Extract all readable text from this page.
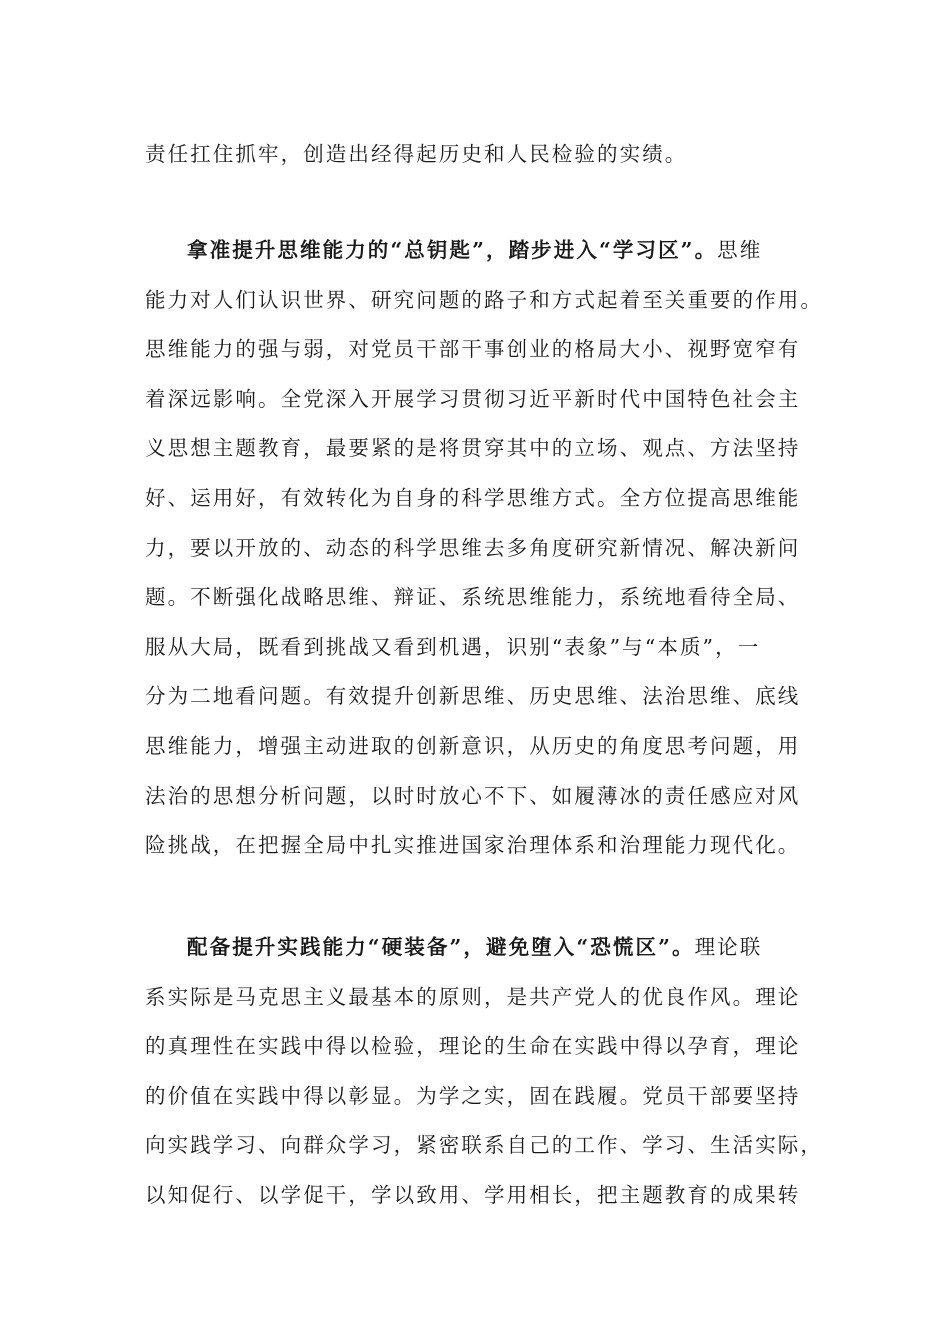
责任扛住抓牢，创造出经得起历史和人民检验的实绩。
拿准提升思维能力的“总钥匙”，踏步进入“学习区”。思维
能力对人们认识世界、研究问题的路子和方式起着至关重要的作用。
思维能力的强与弱，对党员干部干事创业的格局大小、视野宽窄有
着深远影响。全党深入开展学习贯彻习近平新时代中国特色社会主
义思想主题教育，最要紧的是将贯穿其中的立场、观点、方法坚持
好、运用好，有效转化为自身的科学思维方式。全方位提高思维能
力，要以开放的、动态的科学思维去多角度研究新情况、解决新问
题。不断强化战略思维、辩证、系统思维能力，系统地看待全局、
服从大局，既看到挑战又看到机遇，识别“表象”与“本质”，一
分为二地看问题。有效提升创新思维、历史思维、法治思维、底线
思维能力，增强主动进取的创新意识，从历史的角度思考问题，用
法治的思想分析问题，以时时放心不下、如履薄冰的责任感应对风
险挑战，在把握全局中扎实推进国家治理体系和治理能力现代化。
配备提升实践能力“硬装备”，避免堕入“恐慌区”。理论联
系实际是马克思主义最基本的原则，是共产党人的优良作风。理论
的真理性在实践中得以检验，理论的生命在实践中得以孕育，理论
的价值在实践中得以彰显。为学之实，固在践履。党员干部要坚持
向实践学习、向群众学习，紧密联系自己的工作、学习、生活实际，
以知促行、以学促干，学以致用、学用相长，把主题教育的成果转
